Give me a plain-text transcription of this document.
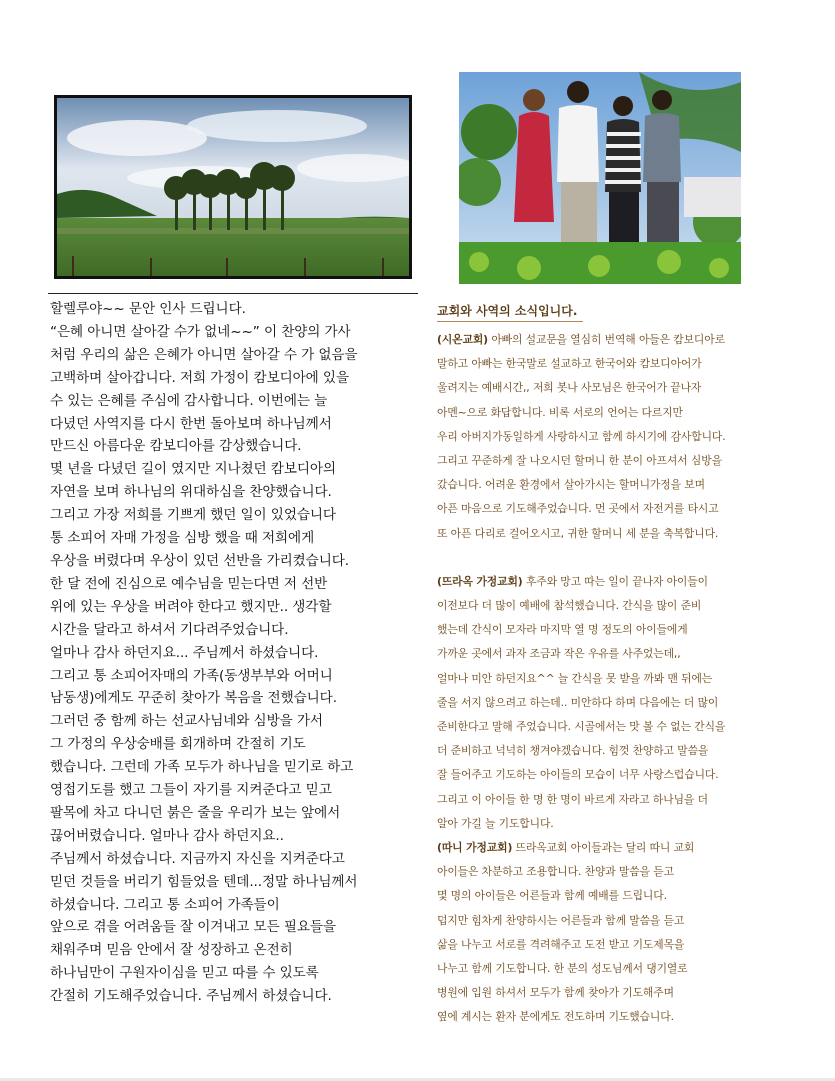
할렐루야~~ 문안 인사 드립니다.

“은혜 아니면 살아갈 수가 없네~~” 이 찬양의 가사

처럼 우리의 삶은 은혜가 아니면 살아갈 수 가 없음을

고백하며 살아갑니다. 저희 가정이 캄보디아에 있을

수 있는 은혜를 주심에 감사합니다. 이번에는 늘

다녔던 사역지를 다시 한번 돌아보며 하나님께서

만드신 아름다운 캄보디아를 감상했습니다.

몇 년을 다녔던 길이 였지만 지나쳤던 캄보디아의

자연을 보며 하나님의 위대하심을 찬양했습니다.

그리고 가장 저희를 기쁘게 했던 일이 있었습니다

통 소피어 자매 가정을 심방 했을 때 저희에게

우상을 버렸다며 우상이 있던 선반을 가리켰습니다.

한 달 전에 진심으로 예수님을 믿는다면 저 선반

위에 있는 우상을 버려야 한다고 했지만.. 생각할

시간을 달라고 하셔서 기다려주었습니다.

얼마나 감사 하던지요... 주님께서 하셨습니다.

그리고 통 소피어자매의 가족(동생부부와 어머니

남동생)에게도 꾸준히 찾아가 복음을 전했습니다.

그러던 중 함께 하는 선교사님네와 심방을 가서

그 가정의 우상숭배를 회개하며 간절히 기도

했습니다. 그런데 가족 모두가 하나님을 믿기로 하고

영접기도를 했고 그들이 자기를 지켜준다고 믿고

팔목에 차고 다니던 붉은 줄을 우리가 보는 앞에서

끊어버렸습니다. 얼마나 감사 하던지요..

주님께서 하셨습니다. 지금까지 자신을 지켜준다고

믿던 것들을 버리기 힘들었을 텐데...정말 하나님께서

하셨습니다. 그리고 통 소피어 가족들이

앞으로 겪을 어려움들 잘 이겨내고 모든 필요들을

채워주며 믿음 안에서 잘 성장하고 온전히

하나님만이 구원자이심을 믿고 따를 수 있도록

간절히 기도해주었습니다. 주님께서 하셨습니다.

교회와 사역의 소식입니다.

(시온교회) 아빠의 설교문을 열심히 번역해 아들은 캄보디아로

말하고 아빠는 한국말로 설교하고 한국어와 캄보디아어가

울려지는 예배시간,, 저희 봇나 사모님은 한국어가 끝나자

아멘~으로 화답합니다. 비록 서로의 언어는 다르지만

우리 아버지가동일하게 사랑하시고 함께 하시기에 감사합니다.

그리고 꾸준하게 잘 나오시던 할머니 한 분이 아프셔서 심방을

갔습니다. 어려운 환경에서 살아가시는 할머니가정을 보며

아픈 마음으로 기도해주었습니다. 먼 곳에서 자전거를 타시고

또 아픈 다리로 걸어오시고, 귀한 할머니 세 분을 축복합니다.

(뜨라옥 가정교회) 후주와 망고 따는 일이 끝나자 아이들이

이전보다 더 많이 예배에 참석했습니다. 간식을 많이 준비

했는데 간식이 모자라 마지막 열 명 정도의 아이들에게

가까운 곳에서 과자 조금과 작은 우유를 사주었는데,,

얼마나 미안 하던지요^^ 늘 간식을 못 받을 까봐 맨 뒤에는

줄을 서지 않으려고 하는데.. 미안하다 하며 다음에는 더 많이

준비한다고 말해 주었습니다. 시골에서는 맛 볼 수 없는 간식을

더 준비하고 넉넉히 챙겨야겠습니다. 힘껏 찬양하고 말씀을

잘 들어주고 기도하는 아이들의 모습이 너무 사랑스럽습니다.

그리고 이 아이들 한 명 한 명이 바르게 자라고 하나님을 더

알아 가길 늘 기도합니다.

(따니 가정교회) 뜨라옥교회 아이들과는 달리 따니 교회

아이들은 차분하고 조용합니다. 찬양과 말씀을 듣고

몇 명의 아이들은 어른들과 함께 예배를 드립니다.

덥지만 힘차게 찬양하시는 어른들과 함께 말씀을 듣고

삶을 나누고 서로를 격려해주고 도전 받고 기도제목을

나누고 함께 기도합니다. 한 분의 성도님께서 댕기열로

병원에 입원 하셔서 모두가 함께 찾아가 기도해주며

옆에 계시는 환자 분에게도 전도하며 기도했습니다.
